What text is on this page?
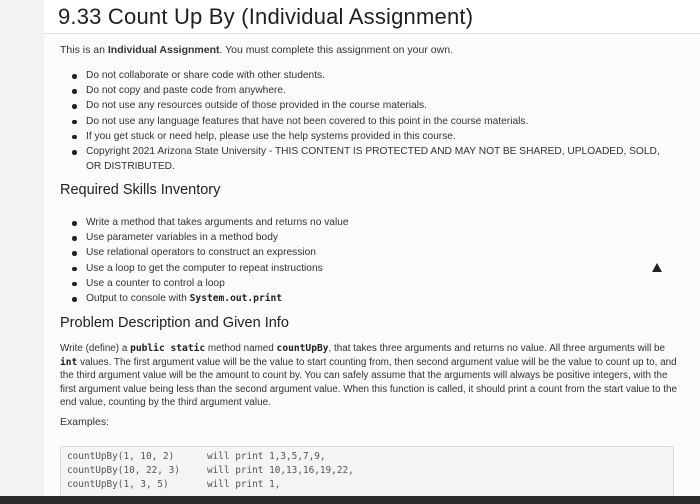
9.33 Count Up By (Individual Assignment)
This is an Individual Assignment. You must complete this assignment on your own.
Do not collaborate or share code with other students.
Do not copy and paste code from anywhere.
Do not use any resources outside of those provided in the course materials.
Do not use any language features that have not been covered to this point in the course materials.
If you get stuck or need help, please use the help systems provided in this course.
Copyright 2021 Arizona State University - THIS CONTENT IS PROTECTED AND MAY NOT BE SHARED, UPLOADED, SOLD, OR DISTRIBUTED.
Required Skills Inventory
Write a method that takes arguments and returns no value
Use parameter variables in a method body
Use relational operators to construct an expression
Use a loop to get the computer to repeat instructions
Use a counter to control a loop
Output to console with System.out.print
Problem Description and Given Info
Write (define) a public static method named countUpBy, that takes three arguments and returns no value. All three arguments will be int values. The first argument value will be the value to start counting from, then second argument value will be the value to count up to, and the third argument value will be the amount to count by. You can safely assume that the arguments will always be positive integers, with the first argument value being less than the second argument value. When this function is called, it should print a count from the start value to the end value, counting by the third argument value.
Examples:
countUpBy(1, 10, 2)	will print 1,3,5,7,9,
countUpBy(10, 22, 3)	will print 10,13,16,19,22,
countUpBy(1, 3, 5)	will print 1,
